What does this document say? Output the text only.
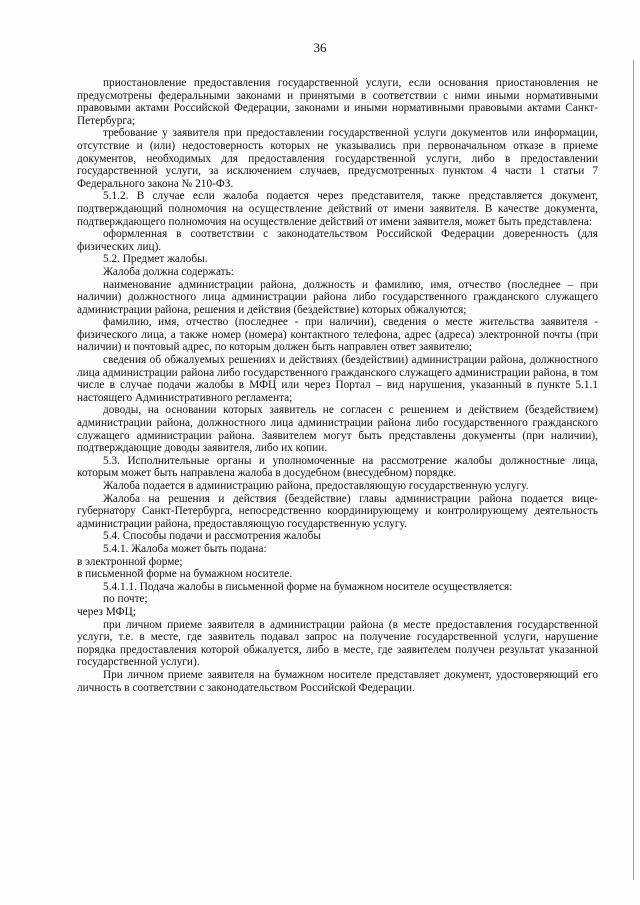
36

приостановление предоставления государственной услуги, если основания приостановления не предусмотрены федеральными законами и принятыми в соответствии с ними иными нормативными правовыми актами Российской Федерации, законами и иными нормативными правовыми актами Санкт-Петербурга;

требование у заявителя при предоставлении государственной услуги документов или информации, отсутствие и (или) недостоверность которых не указывались при первоначальном отказе в приеме документов, необходимых для предоставления государственной услуги, либо в предоставлении государственной услуги, за исключением случаев, предусмотренных пунктом 4 части 1 статьи 7 Федерального закона № 210-ФЗ.

5.1.2. В случае если жалоба подается через представителя, также представляется документ, подтверждающий полномочия на осуществление действий от имени заявителя. В качестве документа, подтверждающего полномочия на осуществление действий от имени заявителя, может быть представлена:

оформленная в соответствии с законодательством Российской Федерации доверенность (для физических лиц).

5.2. Предмет жалобы.

Жалоба должна содержать:

наименование администрации района, должность и фамилию, имя, отчество (последнее – при наличии) должностного лица администрации района либо государственного гражданского служащего администрации района, решения и действия (бездействие) которых обжалуются;

фамилию, имя, отчество (последнее - при наличии), сведения о месте жительства заявителя - физического лица, а также номер (номера) контактного телефона, адрес (адреса) электронной почты (при наличии) и почтовый адрес, по которым должен быть направлен ответ заявителю;

сведения об обжалуемых решениях и действиях (бездействии) администрации района, должностного лица администрации района либо государственного гражданского служащего администрации района, в том числе в случае подачи жалобы в МФЦ или через Портал – вид нарушения, указанный в пункте 5.1.1 настоящего Административного регламента;

доводы, на основании которых заявитель не согласен с решением и действием (бездействием) администрации района, должностного лица администрации района либо государственного гражданского служащего администрации района. Заявителем могут быть представлены документы (при наличии), подтверждающие доводы заявителя, либо их копии.

5.3. Исполнительные органы и уполномоченные на рассмотрение жалобы должностные лица, которым может быть направлена жалоба в досудебном (внесудебном) порядке.

Жалоба подается в администрацию района, предоставляющую государственную услугу.

Жалоба на решения и действия (бездействие) главы администрации района подается вице-губернатору Санкт-Петербурга, непосредственно координирующему и контролирующему деятельность администрации района, предоставляющую государственную услугу.

5.4. Способы подачи и рассмотрения жалобы

5.4.1. Жалоба может быть подана:

в электронной форме;

в письменной форме на бумажном носителе.

5.4.1.1. Подача жалобы в письменной форме на бумажном носителе осуществляется:

по почте;

через МФЦ;

при личном приеме заявителя в администрации района (в месте предоставления государственной услуги, т.е. в месте, где заявитель подавал запрос на получение государственной услуги, нарушение порядка предоставления которой обжалуется, либо в месте, где заявителем получен результат указанной государственной услуги).

При личном приеме заявителя на бумажном носителе представляет документ, удостоверяющий его личность в соответствии с законодательством Российской Федерации.
